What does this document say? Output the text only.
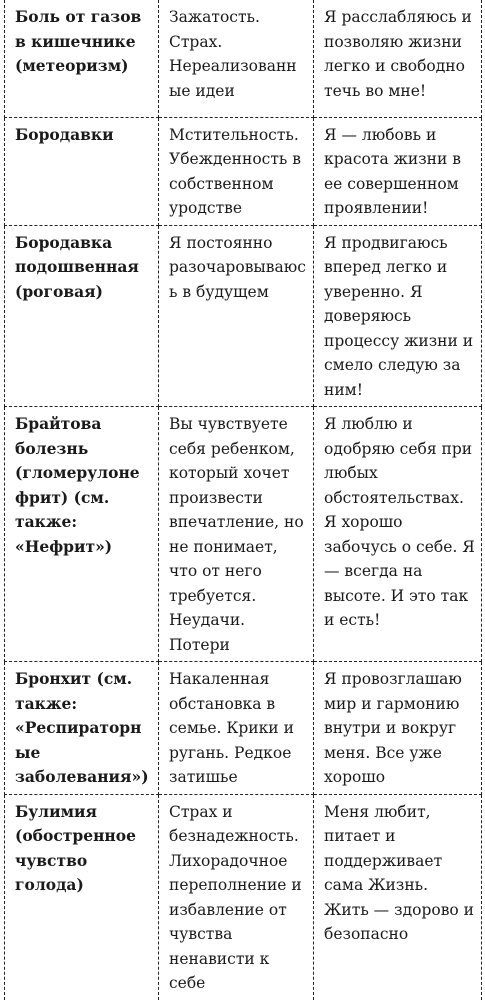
Боль от газов в кишечнике (метеоризм)	Зажатость. Страх. Нереализованные идеи	Я расслабляюсь и позволяю жизни легко и свободно течь во мне!
Бородавки	Мстительность. Убежденность в собственном уродстве	Я — любовь и красота жизни в ее совершенном проявлении!
Бородавка подошвенная (роговая)	Я постоянно разочаровываюсь в будущем	Я продвигаюсь вперед легко и уверенно. Я доверяюсь процессу жизни и смело следую за ним!
Брайтова болезнь (гломерулонефрит) (см. также: «Нефрит»)	Вы чувствуете себя ребенком, который хочет произвести впечатление, но не понимает, что от него требуется. Неудачи. Потери	Я люблю и одобряю себя при любых обстоятельствах. Я хорошо забочусь о себе. Я — всегда на высоте. И это так и есть!
Бронхит (см. также: «Респираторные заболевания»)	Накаленная обстановка в семье. Крики и ругань. Редкое затишье	Я провозглашаю мир и гармонию внутри и вокруг меня. Все уже хорошо
Булимия (обостренное чувство голода)	Страх и безнадежность. Лихорадочное переполнение и избавление от чувства ненависти к себе	Меня любит, питает и поддерживает сама Жизнь. Жить — здорово и безопасно
